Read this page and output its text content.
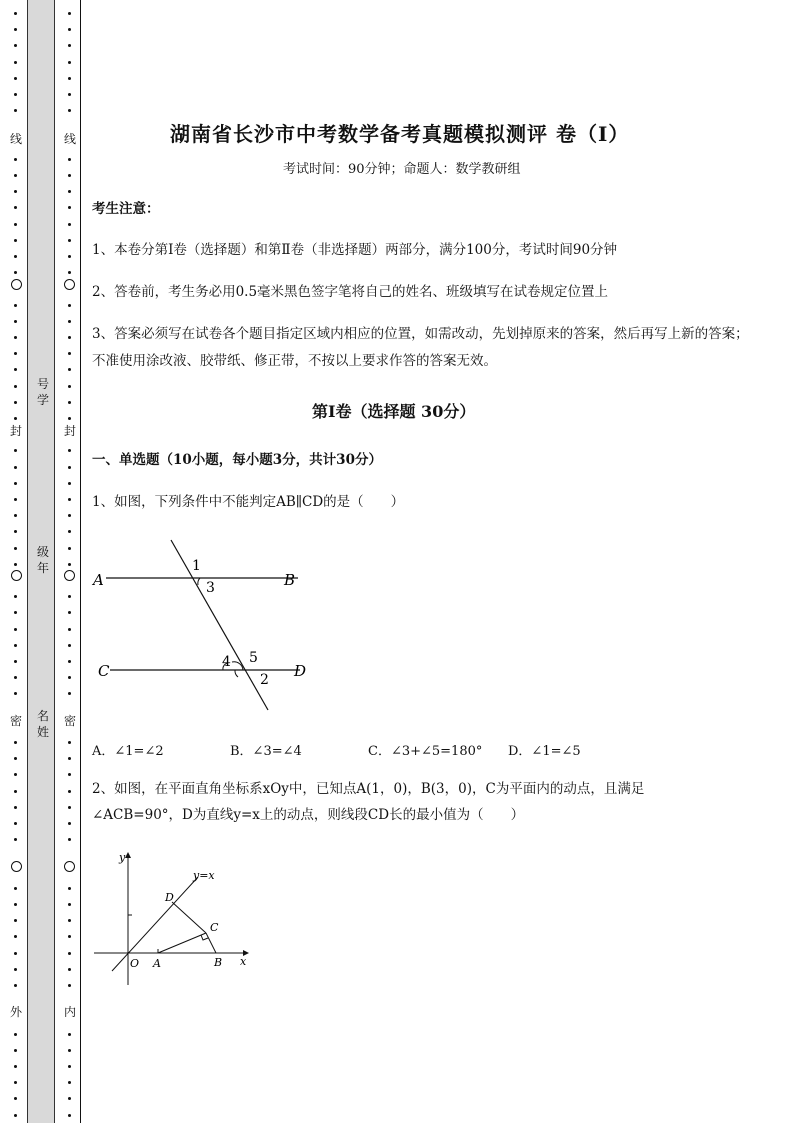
线
封
密
外
线
封
密
内
号学
级年
名姓
湖南省长沙市中考数学备考真题模拟测评 卷（Ⅰ）
考试时间：90分钟；命题人：数学教研组
考生注意：
1、本卷分第Ⅰ卷（选择题）和第Ⅱ卷（非选择题）两部分，满分100分，考试时间90分钟
2、答卷前，考生务必用0.5毫米黑色签字笔将自己的姓名、班级填写在试卷规定位置上
3、答案必须写在试卷各个题目指定区域内相应的位置，如需改动，先划掉原来的答案，然后再写上新的答案；不准使用涂改液、胶带纸、修正带，不按以上要求作答的答案无效。
第Ⅰ卷（选择题 30分）
一、单选题（10小题，每小题3分，共计30分）
1、如图，下列条件中不能判定AB∥CD的是（　　）
A	B
C	D
1
3
4 5
2
A．∠1=∠2	B．∠3=∠4	C．∠3+∠5=180° D．∠1=∠5
2、如图，在平面直角坐标系xOy中，已知点A(1，0)，B(3，0)，C为平面内的动点，且满足
∠ACB=90°，D为直线y=x上的动点，则线段CD长的最小值为（　　）
y
x
y=x
O A	B
C
D
